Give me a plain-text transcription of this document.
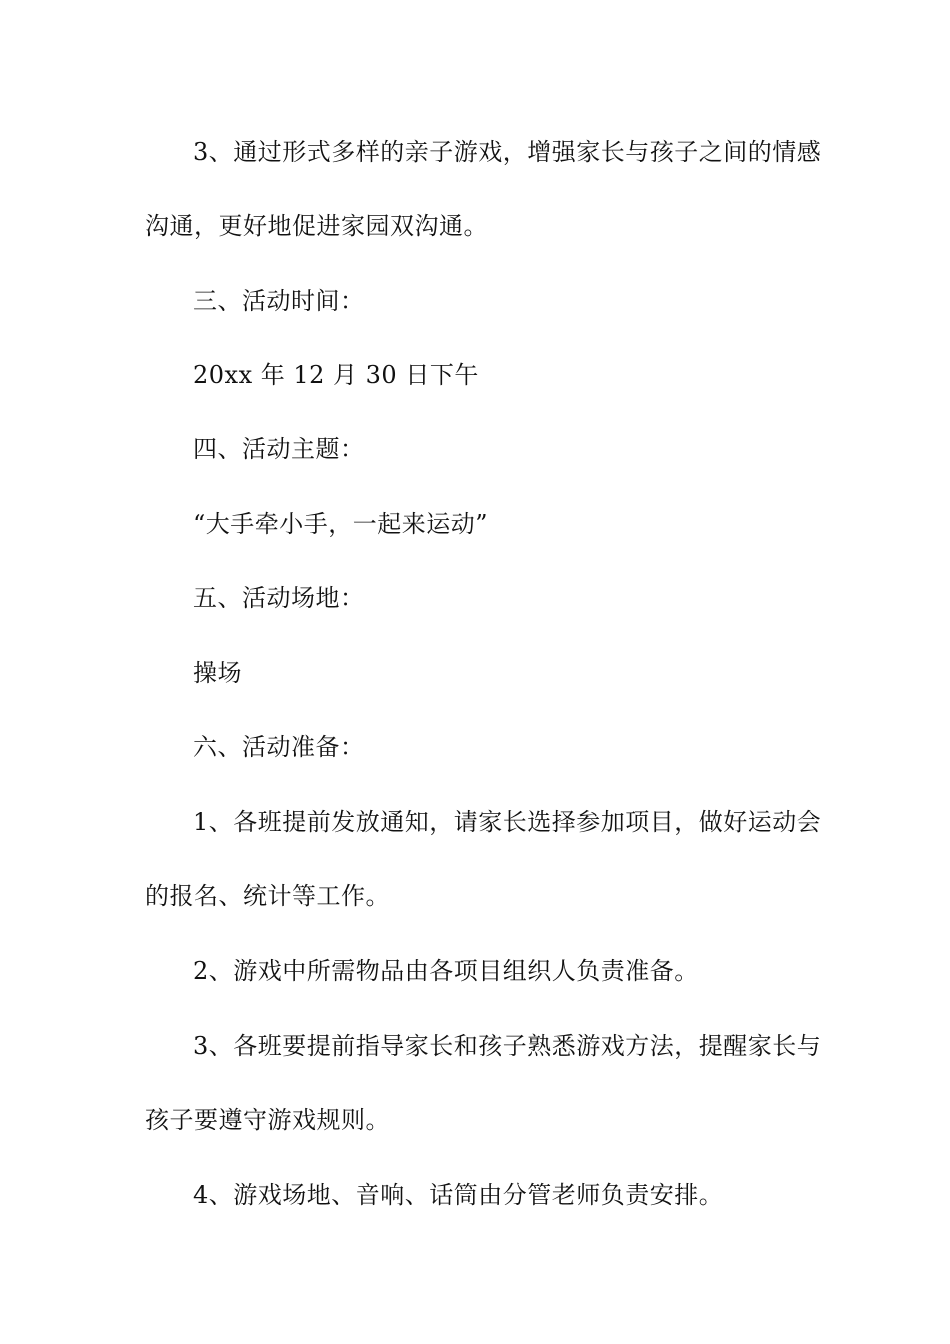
3、通过形式多样的亲子游戏，增强家长与孩子之间的情感
沟通，更好地促进家园双沟通。
三、活动时间：
20xx 年 12 月 30 日下午
四、活动主题：
“大手牵小手，一起来运动”
五、活动场地：
操场
六、活动准备：
1、各班提前发放通知，请家长选择参加项目，做好运动会
的报名、统计等工作。
2、游戏中所需物品由各项目组织人负责准备。
3、各班要提前指导家长和孩子熟悉游戏方法，提醒家长与
孩子要遵守游戏规则。
4、游戏场地、音响、话筒由分管老师负责安排。
